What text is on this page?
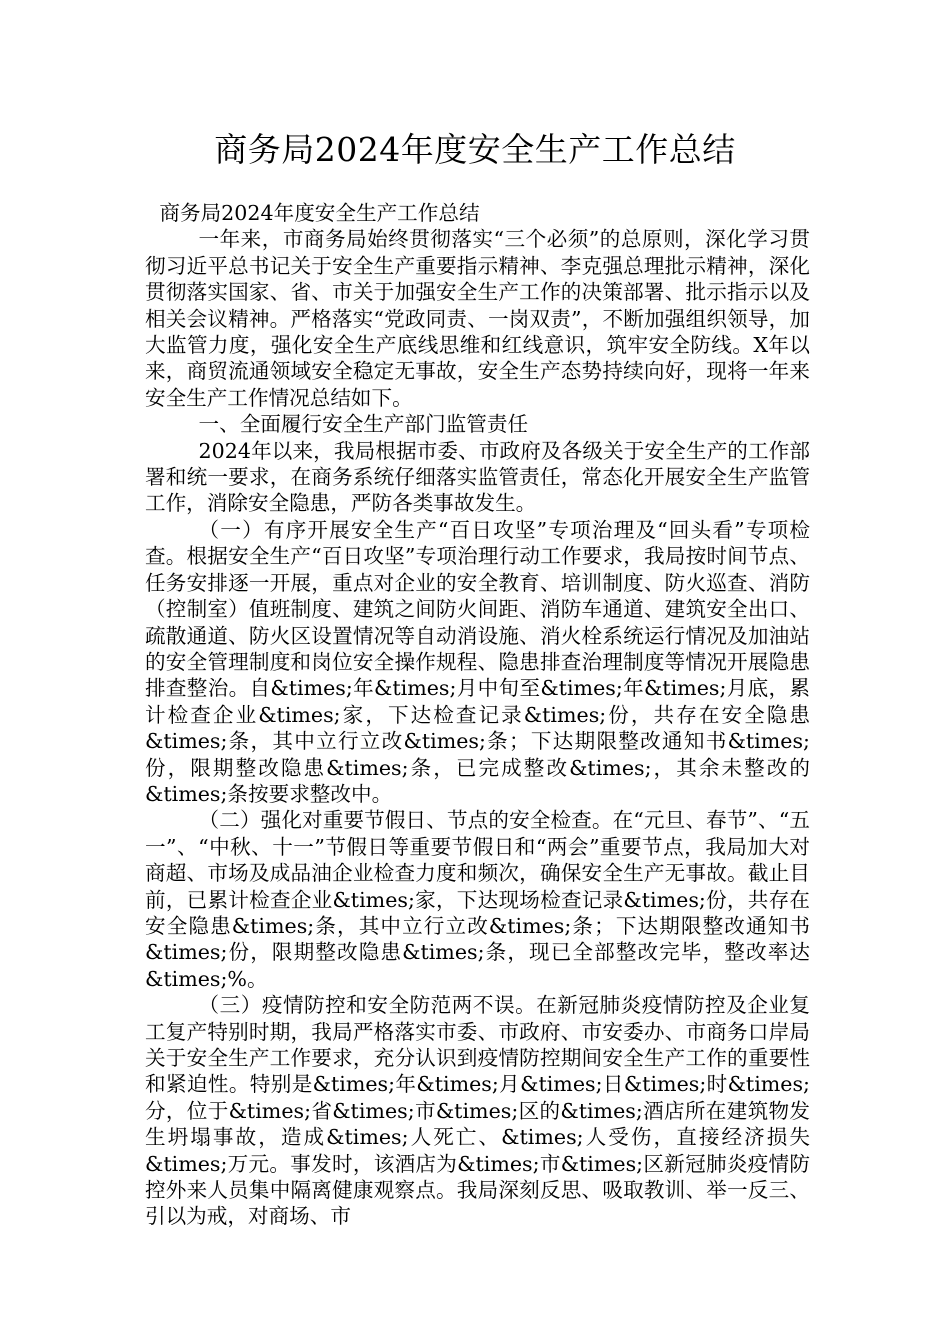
商务局2024年度安全生产工作总结

商务局2024年度安全生产工作总结

一年来，市商务局始终贯彻落实“三个必须”的总原则，深化学习贯彻习近平总书记关于安全生产重要指示精神、李克强总理批示精神，深化贯彻落实国家、省、市关于加强安全生产工作的决策部署、批示指示以及相关会议精神。严格落实“党政同责、一岗双责”，不断加强组织领导，加大监管力度，强化安全生产底线思维和红线意识，筑牢安全防线。X年以来，商贸流通领域安全稳定无事故，安全生产态势持续向好，现将一年来安全生产工作情况总结如下。

一、全面履行安全生产部门监管责任

2024年以来，我局根据市委、市政府及各级关于安全生产的工作部署和统一要求，在商务系统仔细落实监管责任，常态化开展安全生产监管工作，消除安全隐患，严防各类事故发生。

（一）有序开展安全生产“百日攻坚”专项治理及“回头看”专项检查。根据安全生产“百日攻坚”专项治理行动工作要求，我局按时间节点、任务安排逐一开展，重点对企业的安全教育、培训制度、防火巡查、消防（控制室）值班制度、建筑之间防火间距、消防车通道、建筑安全出口、疏散通道、防火区设置情况等自动消设施、消火栓系统运行情况及加油站的安全管理制度和岗位安全操作规程、隐患排查治理制度等情况开展隐患排查整治。自&times;年&times;月中旬至&times;年&times;月底，累计检查企业&times;家，下达检查记录&times;份，共存在安全隐患&times;条，其中立行立改&times;条；下达期限整改通知书&times;份，限期整改隐患&times;条，已完成整改&times;，其余未整改的&times;条按要求整改中。

（二）强化对重要节假日、节点的安全检查。在“元旦、春节”、“五一”、“中秋、十一”节假日等重要节假日和“两会”重要节点，我局加大对商超、市场及成品油企业检查力度和频次，确保安全生产无事故。截止目前，已累计检查企业&times;家，下达现场检查记录&times;份，共存在安全隐患&times;条，其中立行立改&times;条；下达期限整改通知书&times;份，限期整改隐患&times;条，现已全部整改完毕，整改率达&times;%。

（三）疫情防控和安全防范两不误。在新冠肺炎疫情防控及企业复工复产特别时期，我局严格落实市委、市政府、市安委办、市商务口岸局关于安全生产工作要求，充分认识到疫情防控期间安全生产工作的重要性和紧迫性。特别是&times;年&times;月&times;日&times;时&times;分，位于&times;省&times;市&times;区的&times;酒店所在建筑物发生坍塌事故，造成&times;人死亡、&times;人受伤，直接经济损失&times;万元。事发时，该酒店为&times;市&times;区新冠肺炎疫情防控外来人员集中隔离健康观察点。我局深刻反思、吸取教训、举一反三、引以为戒，对商场、市
